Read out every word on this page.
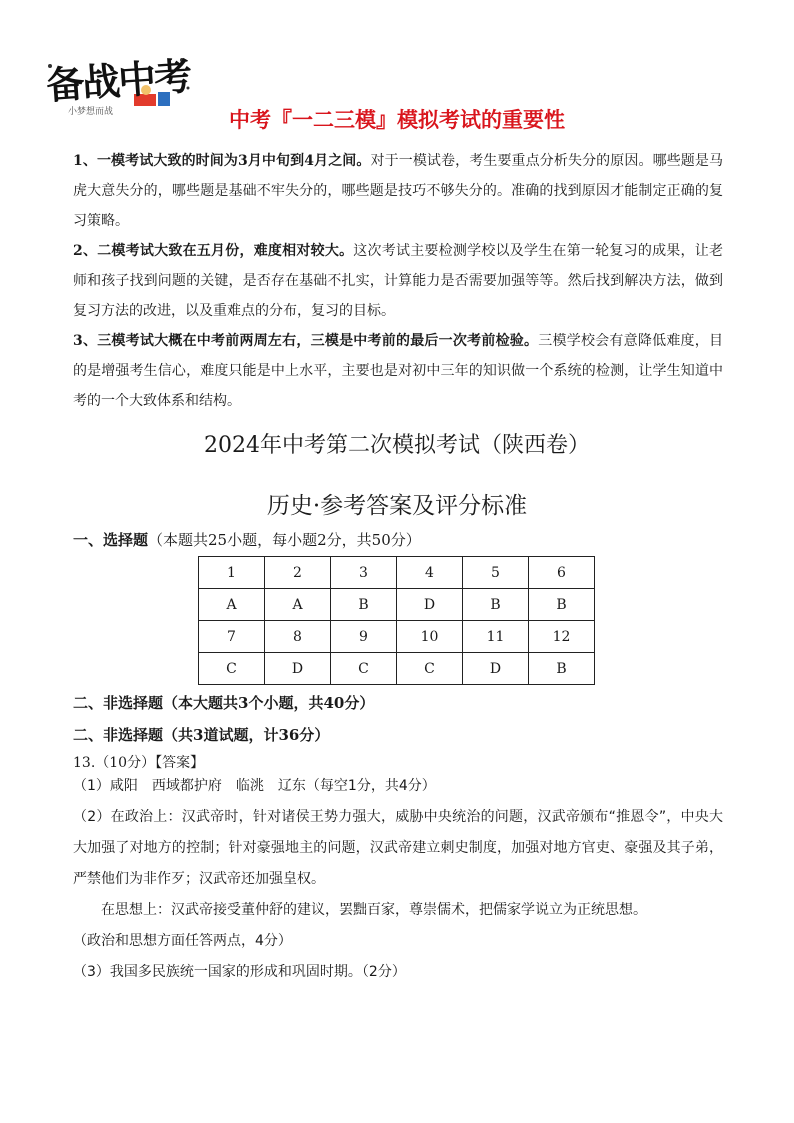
备战中考
小梦想而战	中考『一二三模』模拟考试的重要性

1、一模考试大致的时间为3月中旬到4月之间。对于一模试卷，考生要重点分析失分的原因。哪些题是马虎大意失分的，哪些题是基础不牢失分的，哪些题是技巧不够失分的。准确的找到原因才能制定正确的复习策略。

2、二模考试大致在五月份，难度相对较大。这次考试主要检测学校以及学生在第一轮复习的成果，让老师和孩子找到问题的关键，是否存在基础不扎实，计算能力是否需要加强等等。然后找到解决方法，做到复习方法的改进，以及重难点的分布，复习的目标。

3、三模考试大概在中考前两周左右，三模是中考前的最后一次考前检验。三模学校会有意降低难度，目的是增强考生信心，难度只能是中上水平，主要也是对初中三年的知识做一个系统的检测，让学生知道中考的一个大致体系和结构。

2024年中考第二次模拟考试（陕西卷）
历史·参考答案及评分标准
一、选择题（本题共25小题，每小题2分，共50分）
1	2	3	4	5	6
A	A	B	D	B	B
7	8	9	10	11	12
C	D	C	C	D	B
二、非选择题（本大题共3个小题，共40分）
二、非选择题（共3道试题，计36分）
13.（10分）【答案】

（1）咸阳　西域都护府　临洮　辽东（每空1分，共4分）

（2）在政治上：汉武帝时，针对诸侯王势力强大，威胁中央统治的问题，汉武帝颁布“推恩令”，中央大大加强了对地方的控制；针对豪强地主的问题，汉武帝建立刺史制度，加强对地方官吏、豪强及其子弟，严禁他们为非作歹；汉武帝还加强皇权。

在思想上：汉武帝接受董仲舒的建议，罢黜百家，尊崇儒术，把儒家学说立为正统思想。

（政治和思想方面任答两点，4分）

（3）我国多民族统一国家的形成和巩固时期。（2分）
